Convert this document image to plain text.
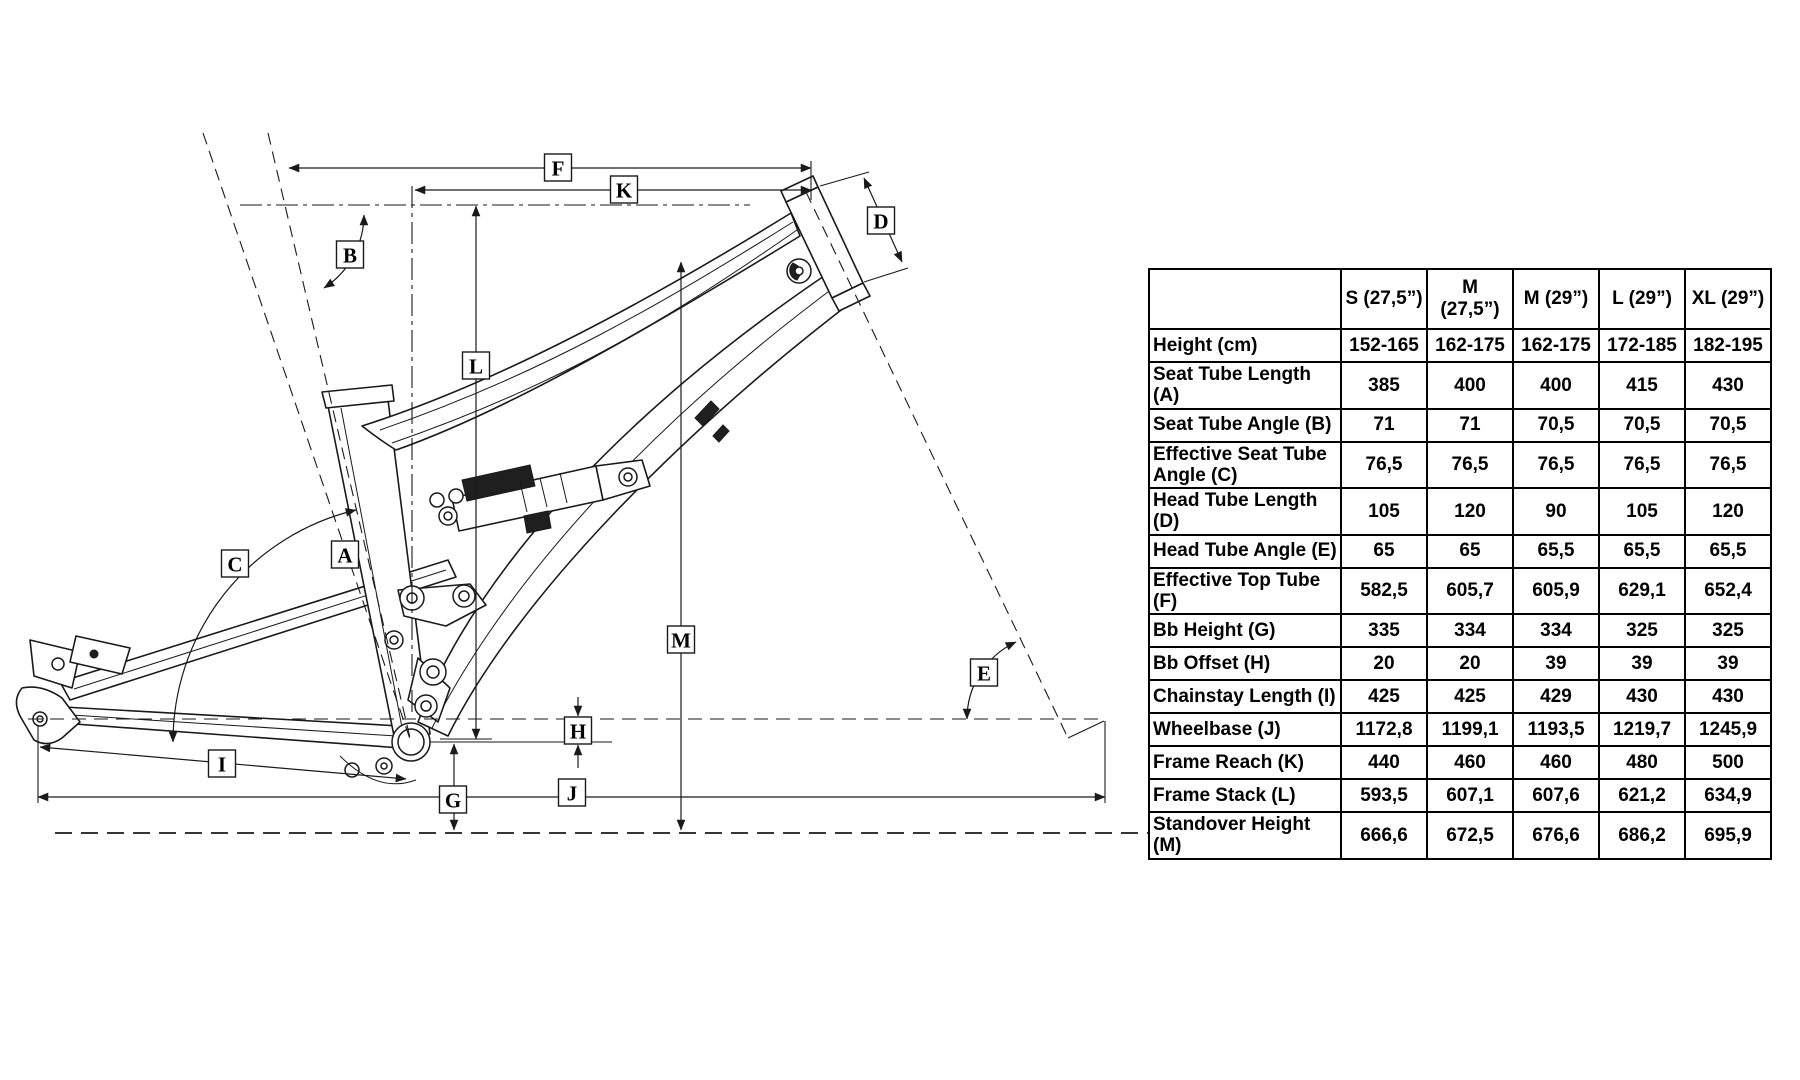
F
K
B
D
L
A
C
M
E
H
I
G	J
	S (27,5”)	M (27,5”)	M (29”)	L (29”)	XL (29”)
Height (cm)	152-165	162-175	162-175	172-185	182-195
Seat Tube Length (A)	385	400	400	415	430
Seat Tube Angle (B)	71	71	70,5	70,5	70,5
Effective Seat Tube Angle (C)	76,5	76,5	76,5	76,5	76,5
Head Tube Length (D)	105	120	90	105	120
Head Tube Angle (E)	65	65	65,5	65,5	65,5
Effective Top Tube (F)	582,5	605,7	605,9	629,1	652,4
Bb Height (G)	335	334	334	325	325
Bb Offset (H)	20	20	39	39	39
Chainstay Length (I)	425	425	429	430	430
Wheelbase (J)	1172,8	1199,1	1193,5	1219,7	1245,9
Frame Reach (K)	440	460	460	480	500
Frame Stack (L)	593,5	607,1	607,6	621,2	634,9
Standover Height (M)	666,6	672,5	676,6	686,2	695,9
